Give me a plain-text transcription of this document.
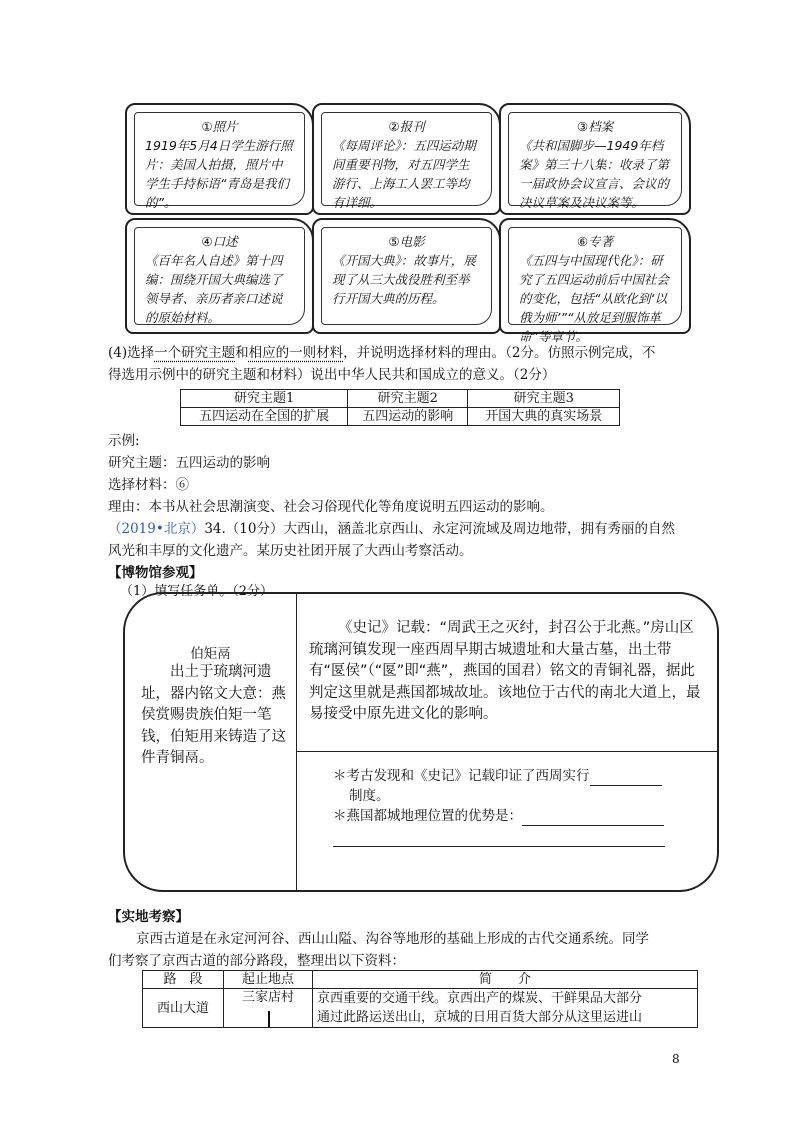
①照片
1919年5月4日学生游行照片：美国人拍摄，照片中学生手持标语“青岛是我们的”。
②报刊
《每周评论》：五四运动期间重要刊物，对五四学生游行、上海工人罢工等均有详细。
③档案
《共和国脚步—1949年档案》第三十八集：收录了第一届政协会议宣言、会议的决议草案及决议案等。
④口述
《百年名人自述》第十四编：围绕开国大典编选了领导者、亲历者亲口述说的原始材料。
⑤电影
《开国大典》：故事片，展现了从三大战役胜利至举行开国大典的历程。
⑥专著
《五四与中国现代化》：研究了五四运动前后中国社会的变化，包括“从欧化到‘以俄为师’”“从放足到服饰革命”等章节。
(4)选择一个研究主题和相应的一则材料，并说明选择材料的理由。（2分。仿照示例完成，不
得选用示例中的研究主题和材料）说出中华人民共和国成立的意义。（2分）
研究主题1	研究主题2	研究主题3
五四运动在全国的扩展	五四运动的影响	开国大典的真实场景
示例:
研究主题：五四运动的影响
选择材料：⑥
理由：本书从社会思潮演变、社会习俗现代化等角度说明五四运动的影响。
（2019•北京）34.（10分）大西山，涵盖北京西山、永定河流域及周边地带，拥有秀丽的自然
风光和丰厚的文化遗产。某历史社团开展了大西山考察活动。
【博物馆参观】
（1）填写任务单。（2分）
伯矩鬲
出土于琉璃河遗址，器内铭文大意：燕侯赏赐贵族伯矩一笔钱，伯矩用来铸造了这件青铜鬲。
《史记》记载：“周武王之灭纣，封召公于北燕。”房山区琉璃河镇发现一座西周早期古城遗址和大量古墓，出土带有“匽侯”（“匽”即“燕”，燕国的国君）铭文的青铜礼器，据此判定这里就是燕国都城故址。该地位于古代的南北大道上，最易接受中原先进文化的影响。
＊考古发现和《史记》记载印证了西周实行
制度。
＊燕国都城地理位置的优势是：
【实地考察】
京西古道是在永定河河谷、西山山隘、沟谷等地形的基础上形成的古代交通系统。同学
们考察了京西古道的部分路段，整理出以下资料：
路　段	起止地点	简　　介
西山大道	三家店村	京西重要的交通干线。京西出产的煤炭、干鲜果品大部分
通过此路运送出山，京城的日用百货大部分从这里运进山
8
